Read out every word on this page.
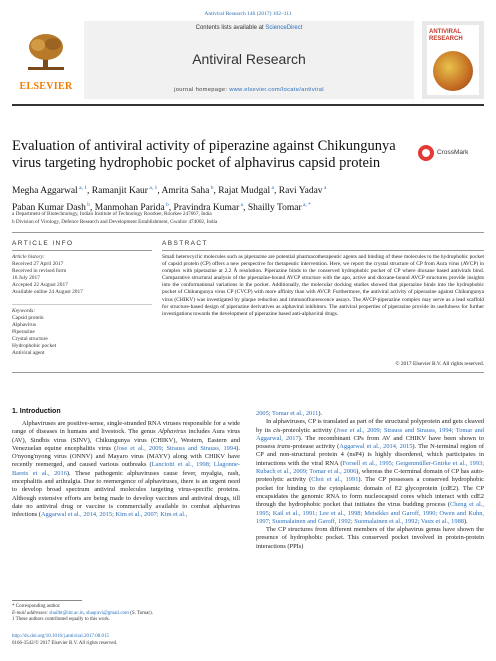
Antiviral Research 146 (2017) 102–111
ELSEVIER
Contents lists available at ScienceDirect
Antiviral Research
journal homepage: www.elsevier.com/locate/antiviral
ANTIVIRAL RESEARCH
Evaluation of antiviral activity of piperazine against Chikungunya virus targeting hydrophobic pocket of alphavirus capsid protein
CrossMark
Megha Aggarwal $^{a, 1}$, Ramanjit Kaur $^{a, 1}$, Amrita Saha $^b$, Rajat Mudgal $^a$, Ravi Yadav $^a$
Paban Kumar Dash $^b$, Manmohan Parida $^b$, Pravindra Kumar $^a$, Shailly Tomar $^{a, *}$
a Department of Biotechnology, Indian Institute of Technology Roorkee, Roorkee 247667, India
b Division of Virology, Defence Research and Development Establishment, Gwalior 474002, India
ARTICLE INFO	ABSTRACT
Article history:
Received 27 April 2017
Received in revised form
16 July 2017
Accepted 22 August 2017
Available online 24 August 2017
Keywords:
Capsid protein
Alphavirus
Piperazine
Crystal structure
Hydrophobic pocket
Antiviral agent
Small heterocyclic molecules such as piperazine are potential pharmacotherapeutic agents and binding of these molecules to the hydrophobic pocket of capsid protein (CP) offers a new perspective for therapeutic intervention. Here, we report the crystal structure of CP from Aura virus (AVCP) in complex with piperazine at 2.2 Å resolution. Piperazine binds to the conserved hydrophobic pocket of CP where dioxane based antivirals bind. Comparative structural analysis of the piperazine-bound AVCP structure with the apo, active and dioxane-bound AVCP structures provide insights into the conformational variations in the pocket. Additionally, the molecular docking studies showed that piperazine binds into the hydrophobic pocket of Chikungunya virus CP (CVCP) with more affinity than with AVCP. Furthermore, the antiviral activity of piperazine against Chikungunya virus (CHIKV) was investigated by plaque reduction and immunofluorescence assays. The AVCP-piperazine complex may serve as a lead scaffold for structure-based design of piperazine derivatives as alphaviral inhibitors. The antiviral properties of piperazine provide its usefulness for further investigations towards the development of piperazine based anti-alphaviral drugs.
© 2017 Elsevier B.V. All rights reserved.
1. Introduction

Alphaviruses are positive-sense, single-stranded RNA viruses responsible for a wide range of diseases in humans and livestock. The genus Alphavirus includes Aura virus (AV), Sindbis virus (SINV), Chikungunya virus (CHIKV), Western, Eastern and Venezuelan equine encephalitis virus (Jose et al., 2009; Strauss and Strauss, 1994). O'nyong'nyong virus (ONNV) and Mayaro virus (MAYV) along with CHIKV have recently reemerged, and caused various outbreaks (Lanciotti et al., 1998; Llagonne-Barets et al., 2016). These pathogenic alphaviruses cause fever, myalgia, rash, encephalitis and arthralgia. Due to reemergence of alphaviruses, there is an urgent need to develop broad spectrum antiviral molecules targeting virus-specific proteins. Although extensive efforts are being made to develop vaccines and antiviral drugs, till date no antiviral drug or vaccine is commercially available to combat alphavirus infections (Aggarwal et al., 2014, 2015; Kim et al., 2007; Kim et al.,

2005; Tomar et al., 2011).

In alphaviruses, CP is translated as part of the structural polyprotein and gets cleaved by its cis-proteolytic activity (Jose et al., 2009; Strauss and Strauss, 1994; Tomar and Aggarwal, 2017). The recombinant CPs from AV and CHIKV have been shown to possess trans-protease activity (Aggarwal et al., 2014, 2015). The N-terminal region of CP and non-structural protein 4 (nsP4) is highly disordered, which participates in interactions with the viral RNA (Forsell et al., 1995; Geigenmüller-Gnirke et al., 1993; Rubach et al., 2009; Tomar et al., 2006), whereas the C-terminal domain of CP has auto-proteolytic activity (Choi et al., 1991). The CP possesses a conserved hydrophobic pocket for binding to the cytoplasmic domain of E2 glycoprotein (cdE2). The CP encapsidates the genomic RNA to form nucleocapsid cores which interact with cdE2 through the hydrophobic pocket that initiates the virus budding process (Cheng et al., 1995; Kail et al., 1991; Lee et al., 1998; Metsikko and Garoff, 1990; Owen and Kuhn, 1997; Suomalainen and Garoff, 1992; Suomalainen et al., 1992; Vaux et al., 1988).

The CP structures from different members of the alphavirus genus have shown the presence of hydrophobic pocket. This conserved pocket involved in protein-protein interactions (PPIs)

* Corresponding author.
E-mail addresses: shailbt@iitr.ac.in, shaqravi@gmail.com (S. Tomar).
1 These authors contributed equally to this work.
http://dx.doi.org/10.1016/j.antiviral.2017.08.015
0166-3542/© 2017 Elsevier B.V. All rights reserved.
